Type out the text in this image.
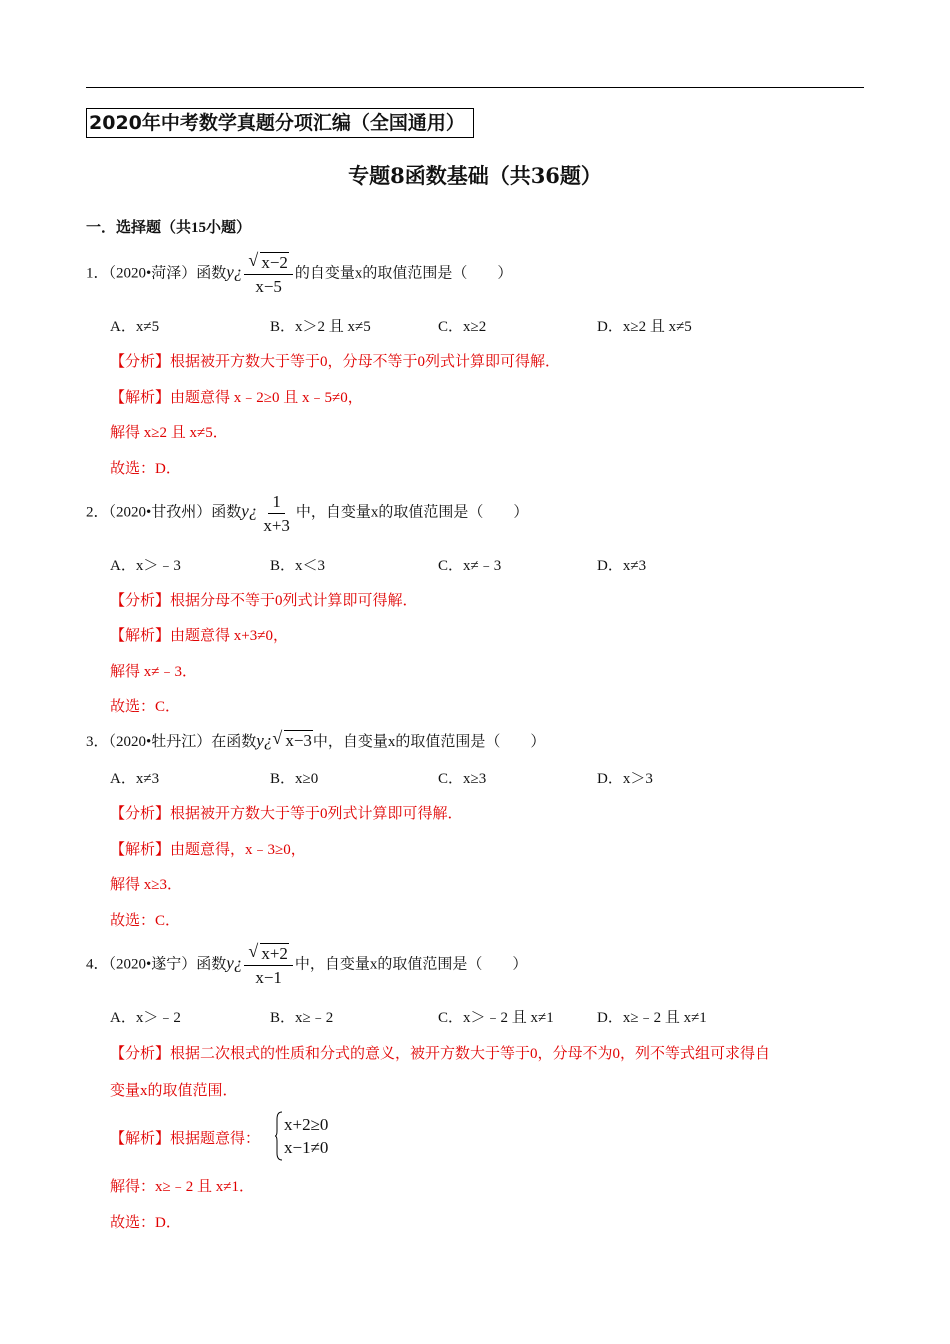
2020年中考数学真题分项汇编（全国通用）
专题8函数基础（共36题）
一．选择题（共15小题）
1．（2020•菏泽）函数y¿ $\frac{√ x-2}{x-5}$ 的自变量x的取值范围是（　　）
A．x≠5	B．x＞2 且 x≠5	C．x≥2	D．x≥2 且 x≠5
【分析】根据被开方数大于等于0，分母不等于0列式计算即可得解．
【解析】由题意得 x﹣2≥0 且 x﹣5≠0，
解得 x≥2 且 x≠5．
故选：D．
2．（2020•甘孜州）函数y¿ $\frac{1}{x+3}$ 中，自变量x的取值范围是（　　）
A．x＞﹣3	B．x＜3	C．x≠﹣3	D．x≠3
【分析】根据分母不等于0列式计算即可得解．
【解析】由题意得 x+3≠0，
解得 x≠﹣3．
故选：C．
3．（2020•牡丹江）在函数y¿ √ x−3中，自变量x的取值范围是（　　）
A．x≠3	B．x≥0	C．x≥3	D．x＞3
【分析】根据被开方数大于等于0列式计算即可得解．
【解析】由题意得，x﹣3≥0，
解得 x≥3．
故选：C．
4．（2020•遂宁）函数y¿ $\frac{√ x+2}{x-1}$ 中，自变量x的取值范围是（　　）
A．x＞﹣2	B．x≥﹣2	C．x＞﹣2 且 x≠1	D．x≥﹣2 且 x≠1
【分析】根据二次根式的性质和分式的意义，被开方数大于等于0，分母不为0，列不等式组可求得自
变量x的取值范围．
【解析】根据题意得：
x+2≥0
x−1≠0
解得：x≥﹣2 且 x≠1．
故选：D．
